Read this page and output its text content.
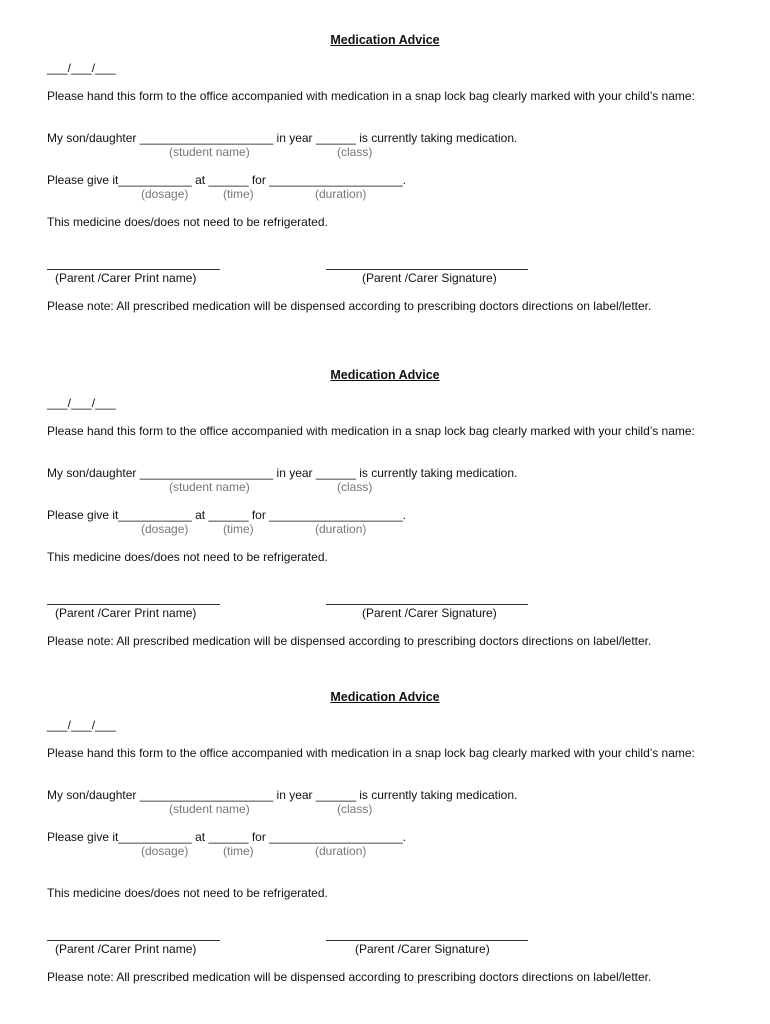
Medication Advice
___/___/___
Please hand this form to the office accompanied with medication in a snap lock bag clearly marked with your child’s name:
My son/daughter ____________________ in year ______ is currently taking medication.
(student name)	(class)
Please give it___________ at ______ for ____________________.
(dosage)	(time)	(duration)
This medicine does/does not need to be refrigerated.
(Parent /Carer Print name)	(Parent /Carer Signature)
Please note: All prescribed medication will be dispensed according to prescribing doctors directions on label/letter.
Medication Advice
___/___/___
Please hand this form to the office accompanied with medication in a snap lock bag clearly marked with your child’s name:
My son/daughter ____________________ in year ______ is currently taking medication.
(student name)	(class)
Please give it___________ at ______ for ____________________.
(dosage)	(time)	(duration)
This medicine does/does not need to be refrigerated.
(Parent /Carer Print name)	(Parent /Carer Signature)
Please note: All prescribed medication will be dispensed according to prescribing doctors directions on label/letter.
Medication Advice
___/___/___
Please hand this form to the office accompanied with medication in a snap lock bag clearly marked with your child’s name:
My son/daughter ____________________ in year ______ is currently taking medication.
(student name)	(class)
Please give it___________ at ______ for ____________________.
(dosage)	(time)	(duration)
This medicine does/does not need to be refrigerated.
(Parent /Carer Print name)	(Parent /Carer Signature)
Please note: All prescribed medication will be dispensed according to prescribing doctors directions on label/letter.
